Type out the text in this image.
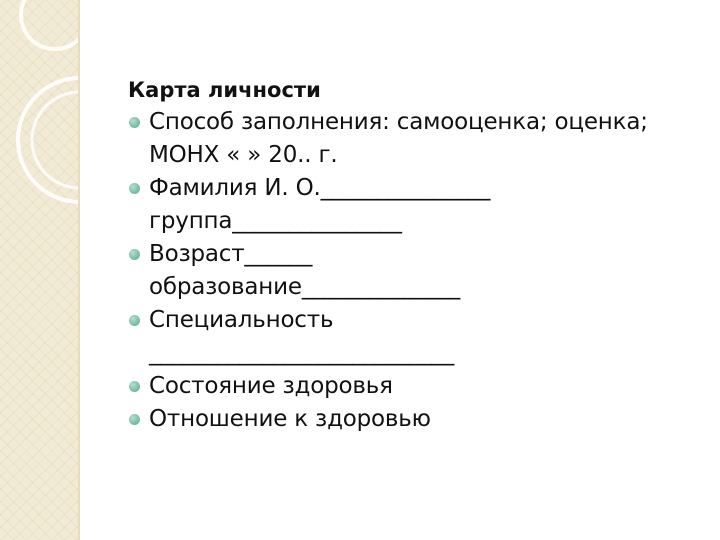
Карта личности
Способ заполнения: самооценка; оценка;
МОНХ « » 20.. г.
Фамилия И. О._______________
группа_______________
Возраст______
образование______________
Специальность
___________________________
Состояние здоровья
Отношение к здоровью
